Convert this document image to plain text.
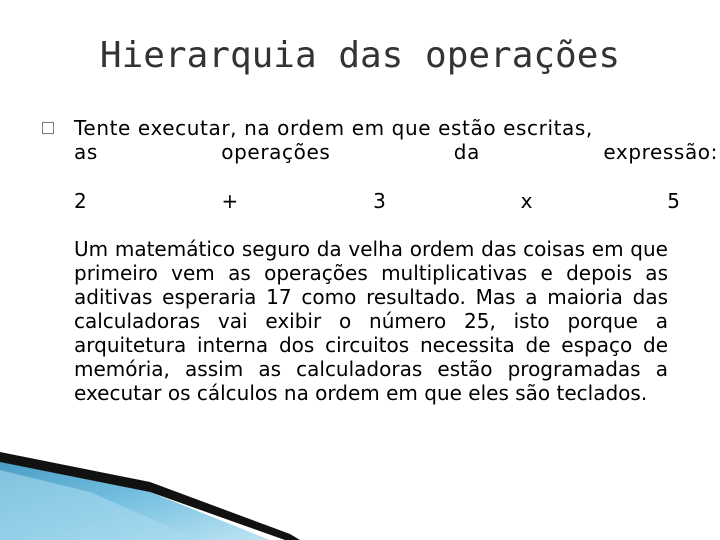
Hierarquia das operações
Tente executar, na ordem em que estão escritas,
as	operações	da	expressão:
2	+	3	x	5
Um matemático seguro da velha ordem das coisas em que primeiro vem as operações multiplicativas e depois as aditivas esperaria 17 como resultado. Mas a maioria das calculadoras vai exibir o número 25, isto porque a arquitetura interna dos circuitos necessita de espaço de memória, assim as calculadoras estão programadas a executar os cálculos na ordem em que eles são teclados.
